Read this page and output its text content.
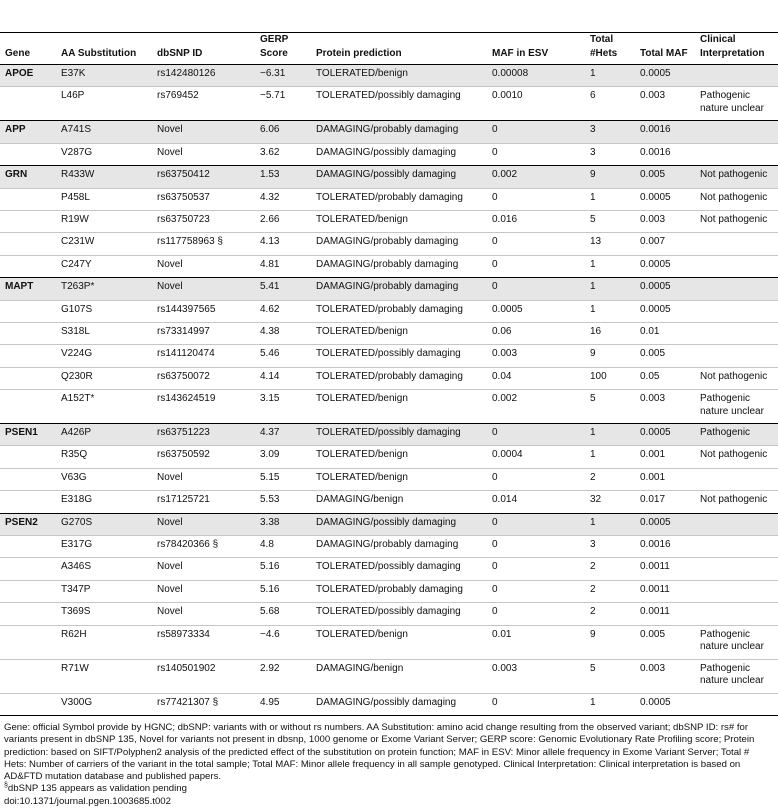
Gene	AA Substitution	dbSNP ID	GERP Score	Protein prediction	MAF in ESV	Total #Hets	Total MAF	Clinical Interpretation
APOE	E37K	rs142480126	−6.31	TOLERATED/benign	0.00008	1	0.0005	
	L46P	rs769452	−5.71	TOLERATED/possibly damaging	0.0010	6	0.003	Pathogenic nature unclear
APP	A741S	Novel	6.06	DAMAGING/probably damaging	0	3	0.0016	
	V287G	Novel	3.62	DAMAGING/possibly damaging	0	3	0.0016	
GRN	R433W	rs63750412	1.53	DAMAGING/possibly damaging	0.002	9	0.005	Not pathogenic
	P458L	rs63750537	4.32	TOLERATED/probably damaging	0	1	0.0005	Not pathogenic
	R19W	rs63750723	2.66	TOLERATED/benign	0.016	5	0.003	Not pathogenic
	C231W	rs117758963 §	4.13	DAMAGING/probably damaging	0	13	0.007	
	C247Y	Novel	4.81	DAMAGING/probably damaging	0	1	0.0005	
MAPT	T263P*	Novel	5.41	DAMAGING/probably damaging	0	1	0.0005	
	G107S	rs144397565	4.62	TOLERATED/probably damaging	0.0005	1	0.0005	
	S318L	rs73314997	4.38	TOLERATED/benign	0.06	16	0.01	
	V224G	rs141120474	5.46	TOLERATED/possibly damaging	0.003	9	0.005	
	Q230R	rs63750072	4.14	TOLERATED/probably damaging	0.04	100	0.05	Not pathogenic
	A152T*	rs143624519	3.15	TOLERATED/benign	0.002	5	0.003	Pathogenic nature unclear
PSEN1	A426P	rs63751223	4.37	TOLERATED/possibly damaging	0	1	0.0005	Pathogenic
	R35Q	rs63750592	3.09	TOLERATED/benign	0.0004	1	0.001	Not pathogenic
	V63G	Novel	5.15	TOLERATED/benign	0	2	0.001	
	E318G	rs17125721	5.53	DAMAGING/benign	0.014	32	0.017	Not pathogenic
PSEN2	G270S	Novel	3.38	DAMAGING/possibly damaging	0	1	0.0005	
	E317G	rs78420366 §	4.8	DAMAGING/probably damaging	0	3	0.0016	
	A346S	Novel	5.16	TOLERATED/possibly damaging	0	2	0.0011	
	T347P	Novel	5.16	TOLERATED/probably damaging	0	2	0.0011	
	T369S	Novel	5.68	TOLERATED/possibly damaging	0	2	0.0011	
	R62H	rs58973334	−4.6	TOLERATED/benign	0.01	9	0.005	Pathogenic nature unclear
	R71W	rs140501902	2.92	DAMAGING/benign	0.003	5	0.003	Pathogenic nature unclear
	V300G	rs77421307 §	4.95	DAMAGING/possibly damaging	0	1	0.0005	
Gene: official Symbol provide by HGNC; dbSNP: variants with or without rs numbers. AA Substitution: amino acid change resulting from the observed variant; dbSNP ID: rs# for variants present in dbSNP 135, Novel for variants not present in dbsnp, 1000 genome or Exome Variant Server; GERP score: Genomic Evolutionary Rate Profiling score; Protein prediction: based on SIFT/Polyphen2 analysis of the predicted effect of the substitution on protein function; MAF in ESV: Minor allele frequency in Exome Variant Server; Total # Hets: Number of carriers of the variant in the total sample; Total MAF: Minor allele frequency in all sample genotyped. Clinical Interpretation: Clinical interpretation is based on AD&FTD mutation database and published papers.
§dbSNP 135 appears as validation pending
doi:10.1371/journal.pgen.1003685.t002
